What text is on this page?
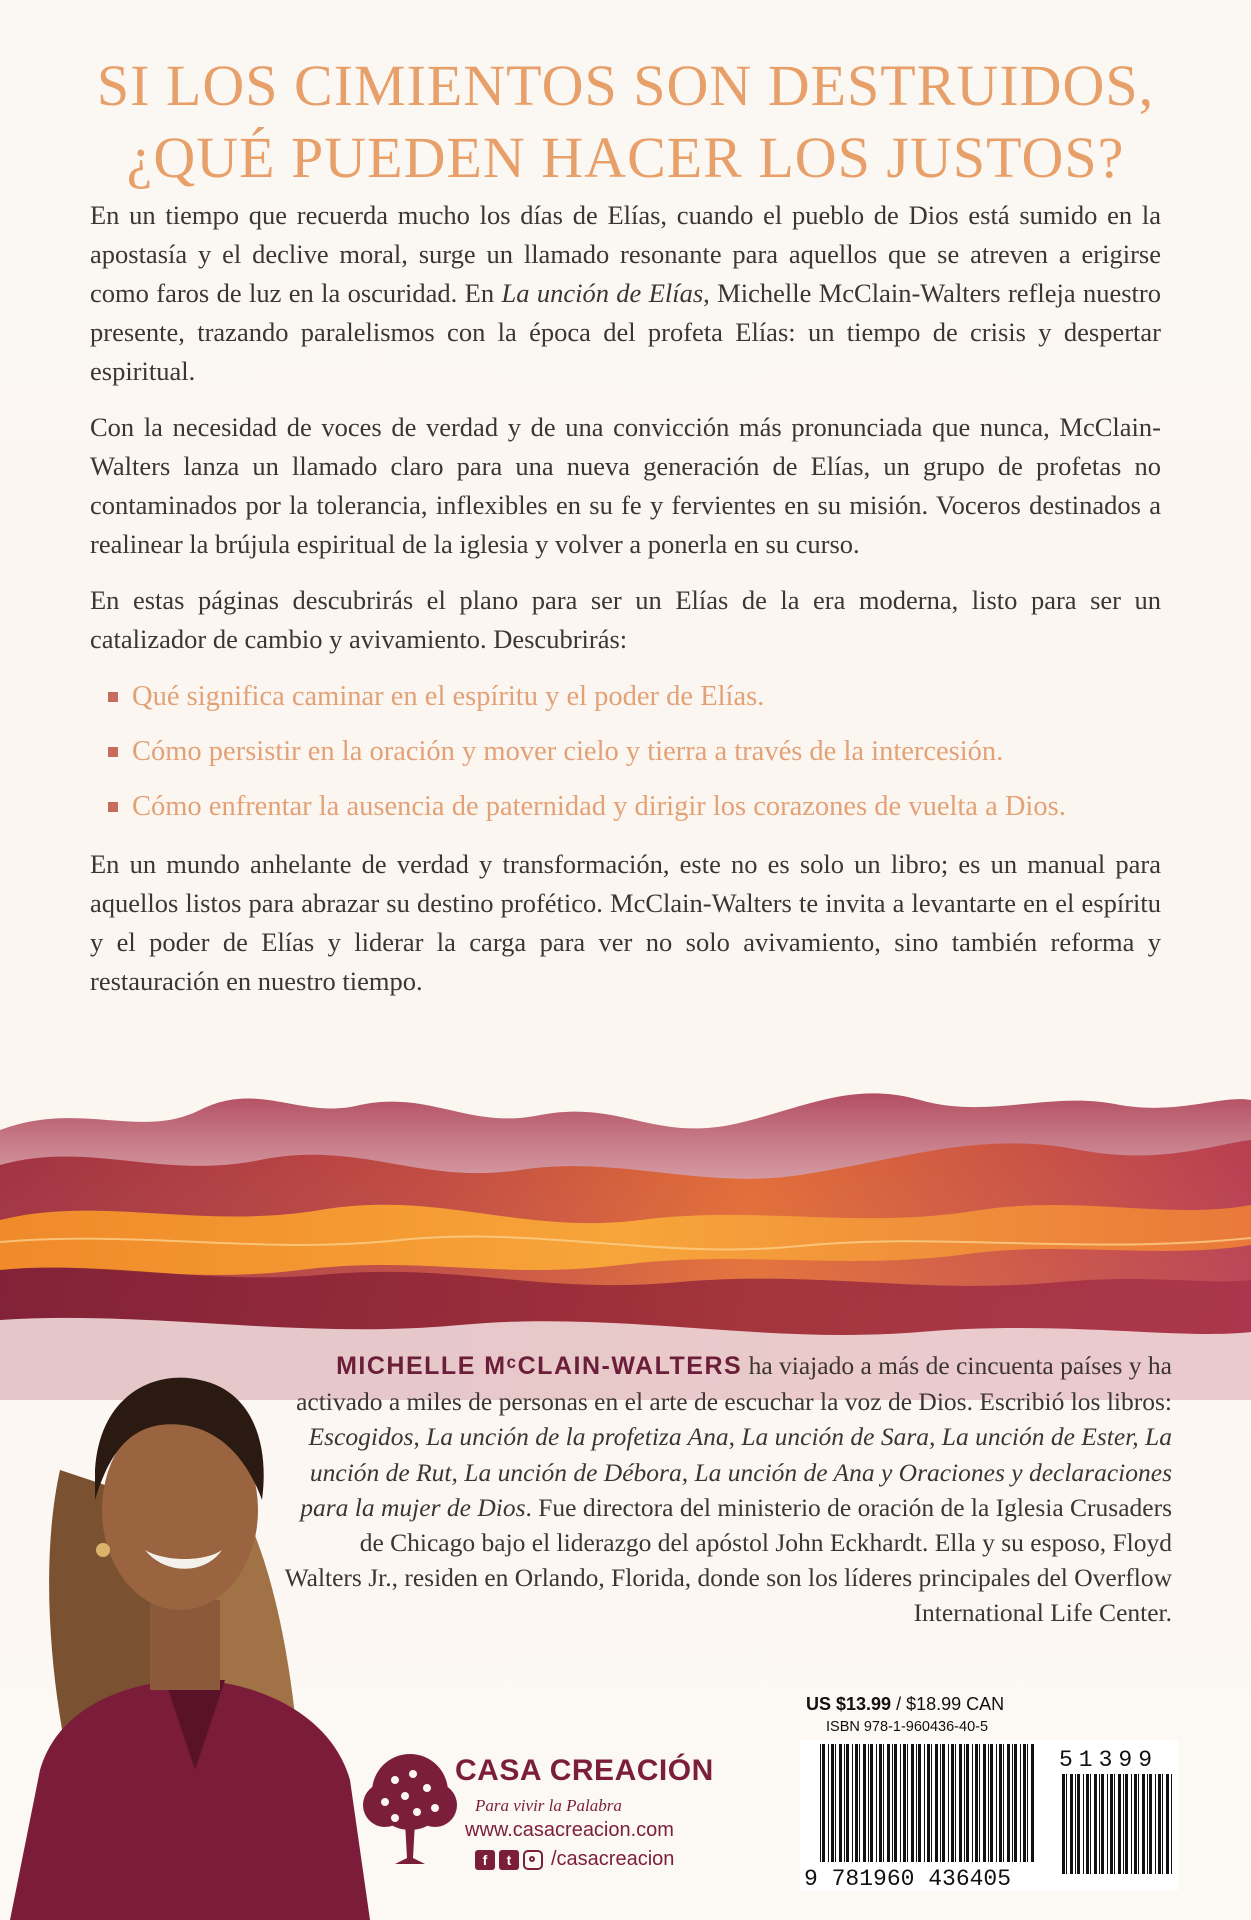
SI LOS CIMIENTOS SON DESTRUIDOS,
¿QUÉ PUEDEN HACER LOS JUSTOS?

En un tiempo que recuerda mucho los días de Elías, cuando el pueblo de Dios está sumido en la apostasía y el declive moral, surge un llamado resonante para aquellos que se atreven a erigirse como faros de luz en la oscuridad. En La unción de Elías, Michelle McClain-Walters refleja nuestro presente, trazando paralelismos con la época del profeta Elías: un tiempo de crisis y despertar espiritual.

Con la necesidad de voces de verdad y de una convicción más pronunciada que nunca, McClain-Walters lanza un llamado claro para una nueva generación de Elías, un grupo de profetas no contaminados por la tolerancia, inflexibles en su fe y fervientes en su misión. Voceros destinados a realinear la brújula espiritual de la iglesia y volver a ponerla en su curso.

En estas páginas descubrirás el plano para ser un Elías de la era moderna, listo para ser un catalizador de cambio y avivamiento. Descubrirás:

Qué significa caminar en el espíritu y el poder de Elías.
Cómo persistir en la oración y mover cielo y tierra a través de la intercesión.
Cómo enfrentar la ausencia de paternidad y dirigir los corazones de vuelta a Dios.

En un mundo anhelante de verdad y transformación, este no es solo un libro; es un manual para aquellos listos para abrazar su destino profético. McClain-Walters te invita a levantarte en el espíritu y el poder de Elías y liderar la carga para ver no solo avivamiento, sino también reforma y restauración en nuestro tiempo.

MICHELLE MᶜCLAIN-WALTERS ha viajado a más de cincuenta países y ha activado a miles de personas en el arte de escuchar la voz de Dios. Escribió los libros: Escogidos, La unción de la profetiza Ana, La unción de Sara, La unción de Ester, La unción de Rut, La unción de Débora, La unción de Ana y Oraciones y declaraciones para la mujer de Dios. Fue directora del ministerio de oración de la Iglesia Crusaders de Chicago bajo el liderazgo del apóstol John Eckhardt. Ella y su esposo, Floyd Walters Jr., residen en Orlando, Florida, donde son los líderes principales del Overflow International Life Center.
CASA CREACIÓN
Para vivir la Palabra
www.casacreacion.com
f t /casacreacion
US $13.99 / $18.99 CAN
ISBN 978-1-960436-40-5
9 781960 436405
51399
